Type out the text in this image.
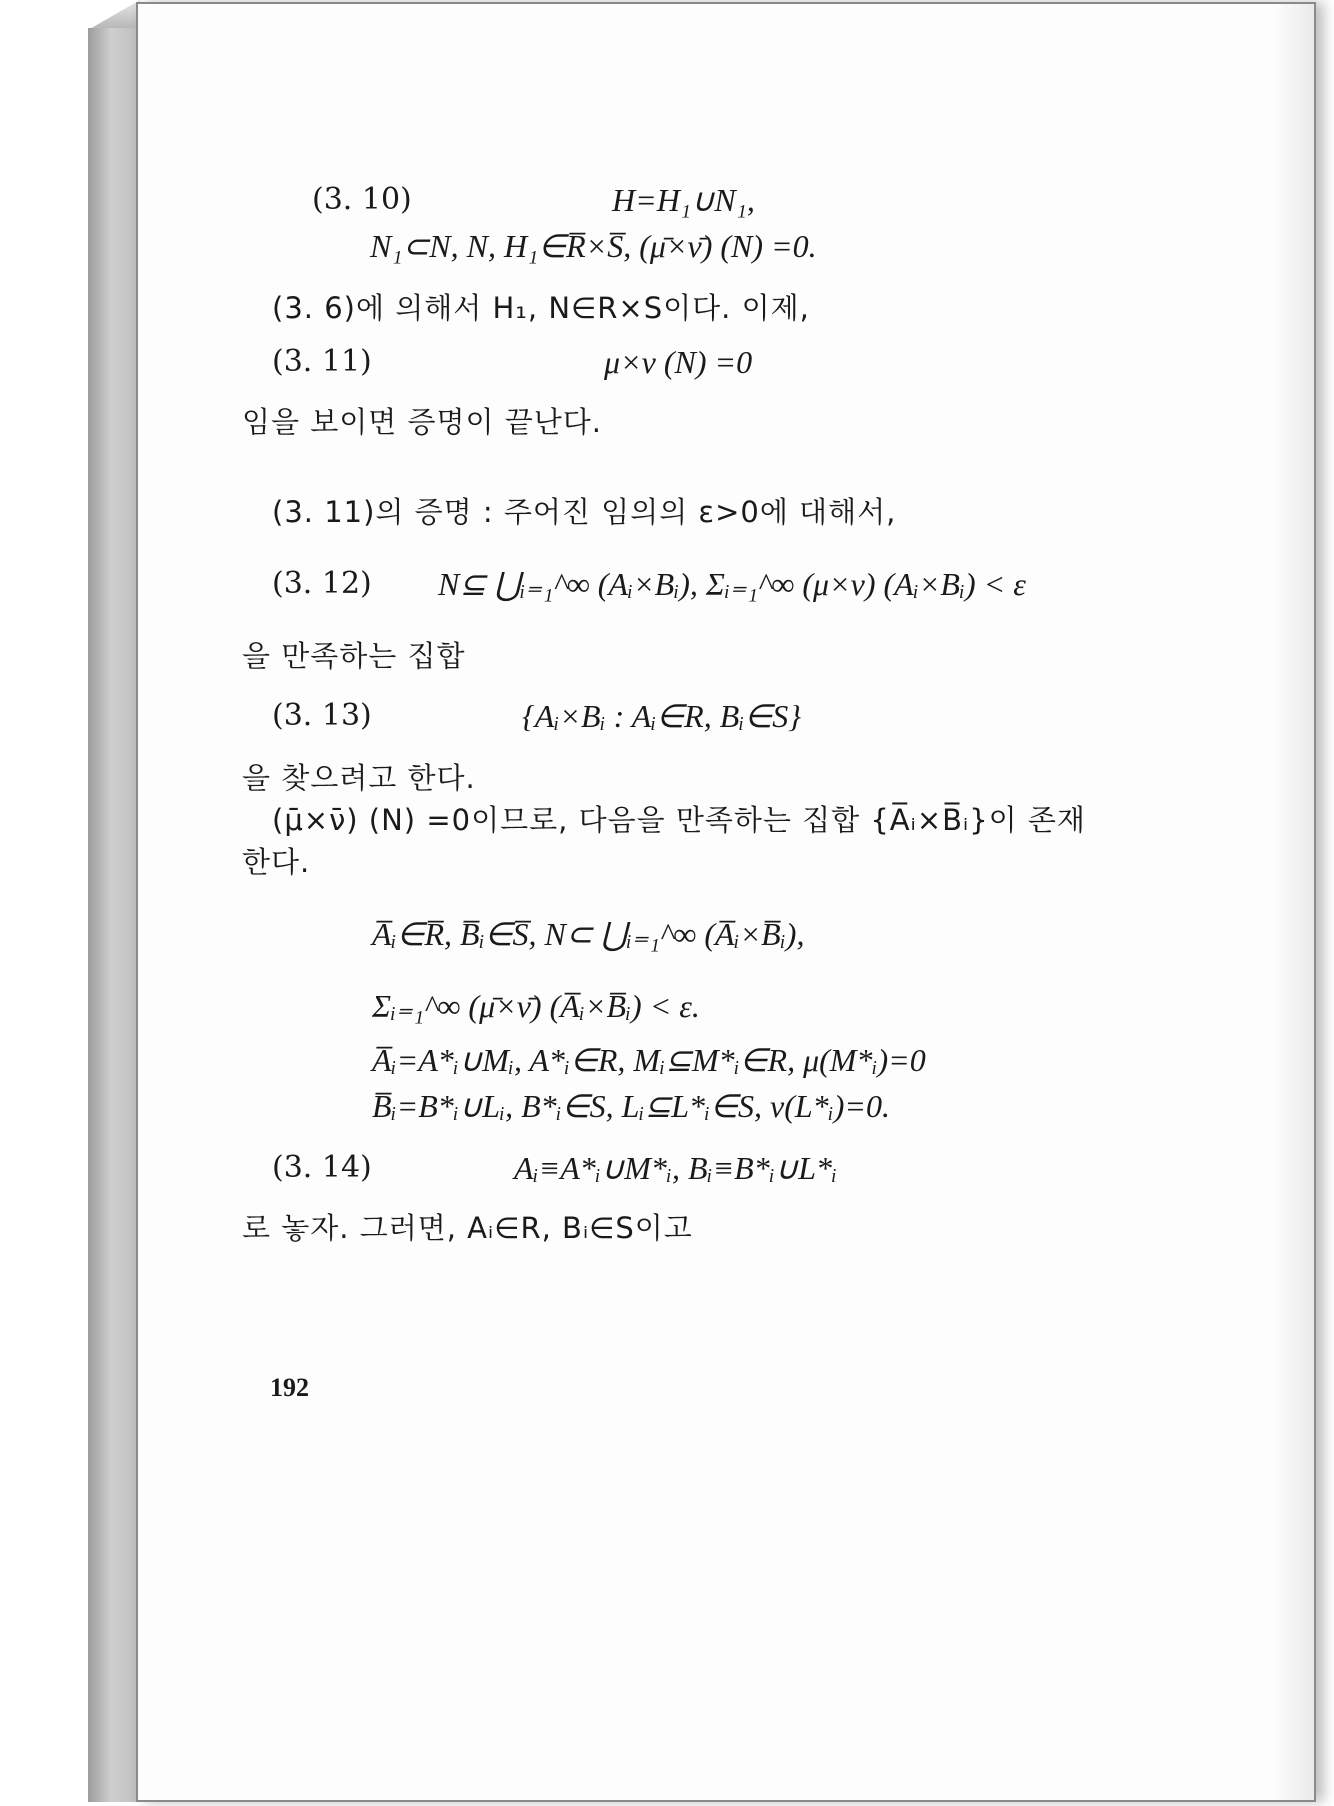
(3. 10)	H=H₁∪N₁,
N₁⊂N, N, H₁∈R̅×S̅, (μ̄×ν̄) (N) =0.
(3. 6)에 의해서 H₁, N∈R×S이다. 이제,
(3. 11)	μ×ν (N) =0
임을 보이면 증명이 끝난다.
(3. 11)의 증명 : 주어진 임의의 ε>0에 대해서,
(3. 12) N⊆ ⋃ᵢ₌₁^∞ (Aᵢ×Bᵢ), Σᵢ₌₁^∞ (μ×ν) (Aᵢ×Bᵢ) < ε
을 만족하는 집합
(3. 13)	{Aᵢ×Bᵢ : Aᵢ∈R, Bᵢ∈S}
을 찾으려고 한다.
(μ̄×ν̄) (N) =0이므로, 다음을 만족하는 집합 {A̅ᵢ×B̅ᵢ}이 존재
한다.
A̅ᵢ∈R̅, B̅ᵢ∈S̅, N⊂ ⋃ᵢ₌₁^∞ (A̅ᵢ×B̅ᵢ),
Σᵢ₌₁^∞ (μ̄×ν̄) (A̅ᵢ×B̅ᵢ) < ε.
A̅ᵢ=A*ᵢ∪Mᵢ, A*ᵢ∈R, Mᵢ⊆M*ᵢ∈R, μ(M*ᵢ)=0
B̅ᵢ=B*ᵢ∪Lᵢ, B*ᵢ∈S, Lᵢ⊆L*ᵢ∈S, ν(L*ᵢ)=0.
(3. 14)	Aᵢ≡A*ᵢ∪M*ᵢ, Bᵢ≡B*ᵢ∪L*ᵢ
로 놓자. 그러면, Aᵢ∈R, Bᵢ∈S이고
192
